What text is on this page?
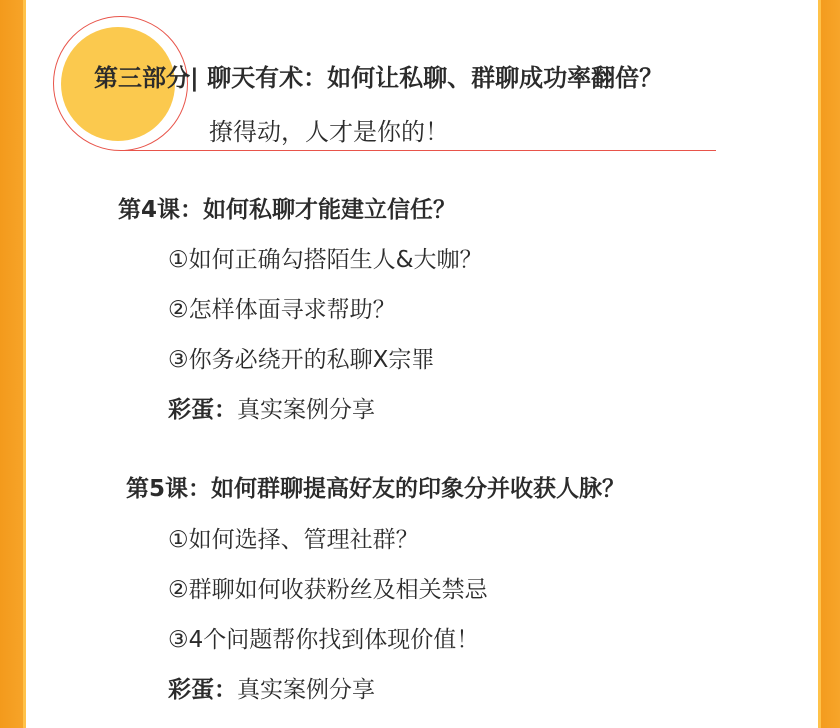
第三部分| 聊天有术：如何让私聊、群聊成功率翻倍？
撩得动，人才是你的！
第4课：如何私聊才能建立信任？
①如何正确勾搭陌生人&大咖？
②怎样体面寻求帮助？
③你务必绕开的私聊X宗罪
彩蛋：真实案例分享
第5课：如何群聊提高好友的印象分并收获人脉？
①如何选择、管理社群？
②群聊如何收获粉丝及相关禁忌
③4个问题帮你找到体现价值！
彩蛋：真实案例分享
